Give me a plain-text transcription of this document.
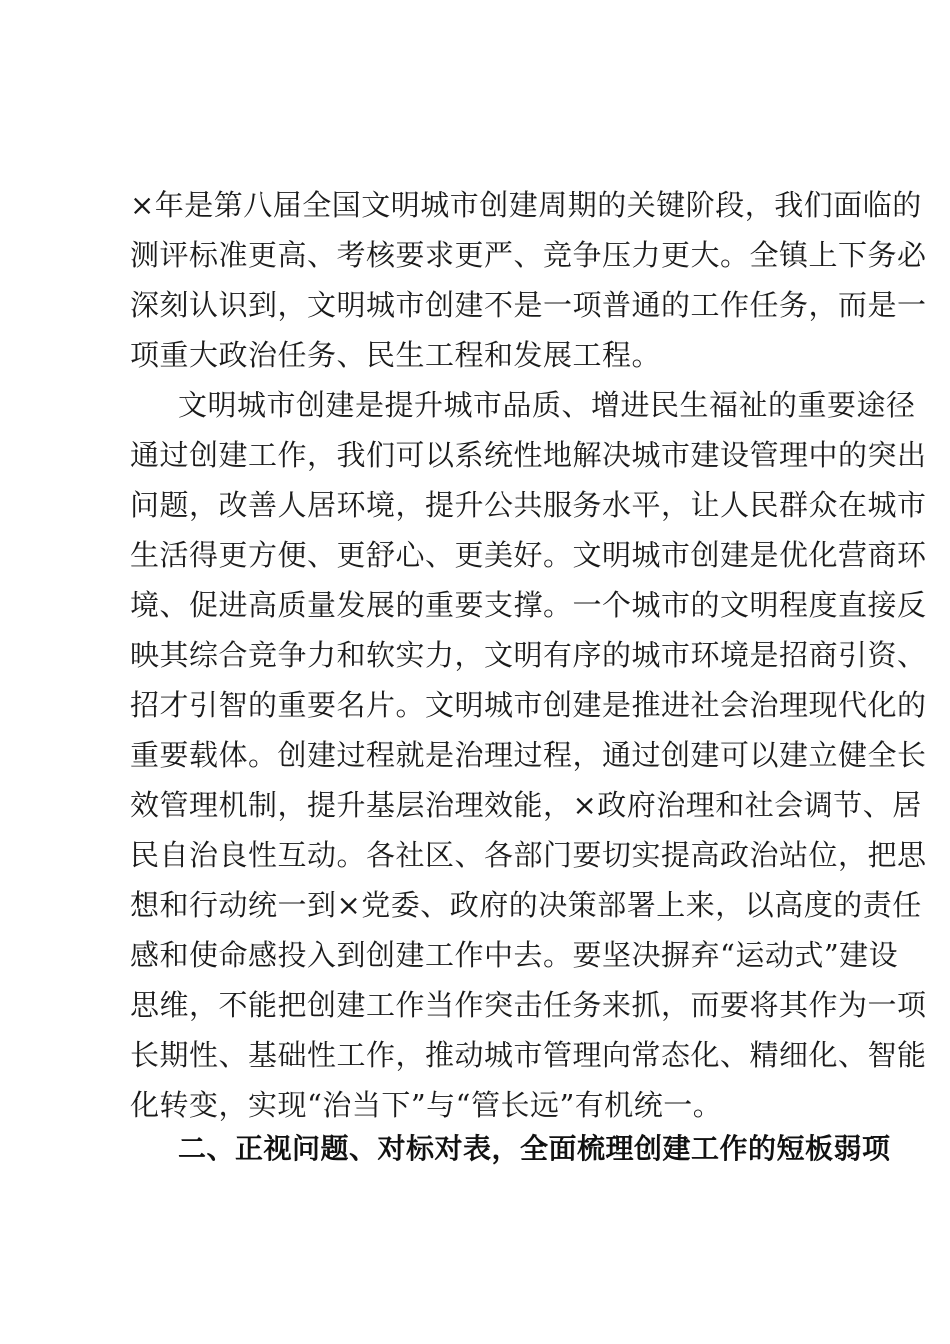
×年是第八届全国文明城市创建周期的关键阶段，我们面临的

测评标准更高、考核要求更严、竞争压力更大。全镇上下务必

深刻认识到，文明城市创建不是一项普通的工作任务，而是一

项重大政治任务、民生工程和发展工程。

文明城市创建是提升城市品质、增进民生福祉的重要途径

通过创建工作，我们可以系统性地解决城市建设管理中的突出

问题，改善人居环境，提升公共服务水平，让人民群众在城市

生活得更方便、更舒心、更美好。文明城市创建是优化营商环

境、促进高质量发展的重要支撑。一个城市的文明程度直接反

映其综合竞争力和软实力，文明有序的城市环境是招商引资、

招才引智的重要名片。文明城市创建是推进社会治理现代化的

重要载体。创建过程就是治理过程，通过创建可以建立健全长

效管理机制，提升基层治理效能，×政府治理和社会调节、居

民自治良性互动。各社区、各部门要切实提高政治站位，把思

想和行动统一到×党委、政府的决策部署上来，以高度的责任

感和使命感投入到创建工作中去。要坚决摒弃“运动式”建设

思维，不能把创建工作当作突击任务来抓，而要将其作为一项

长期性、基础性工作，推动城市管理向常态化、精细化、智能

化转变，实现“治当下”与“管长远”有机统一。

二、正视问题、对标对表，全面梳理创建工作的短板弱项
